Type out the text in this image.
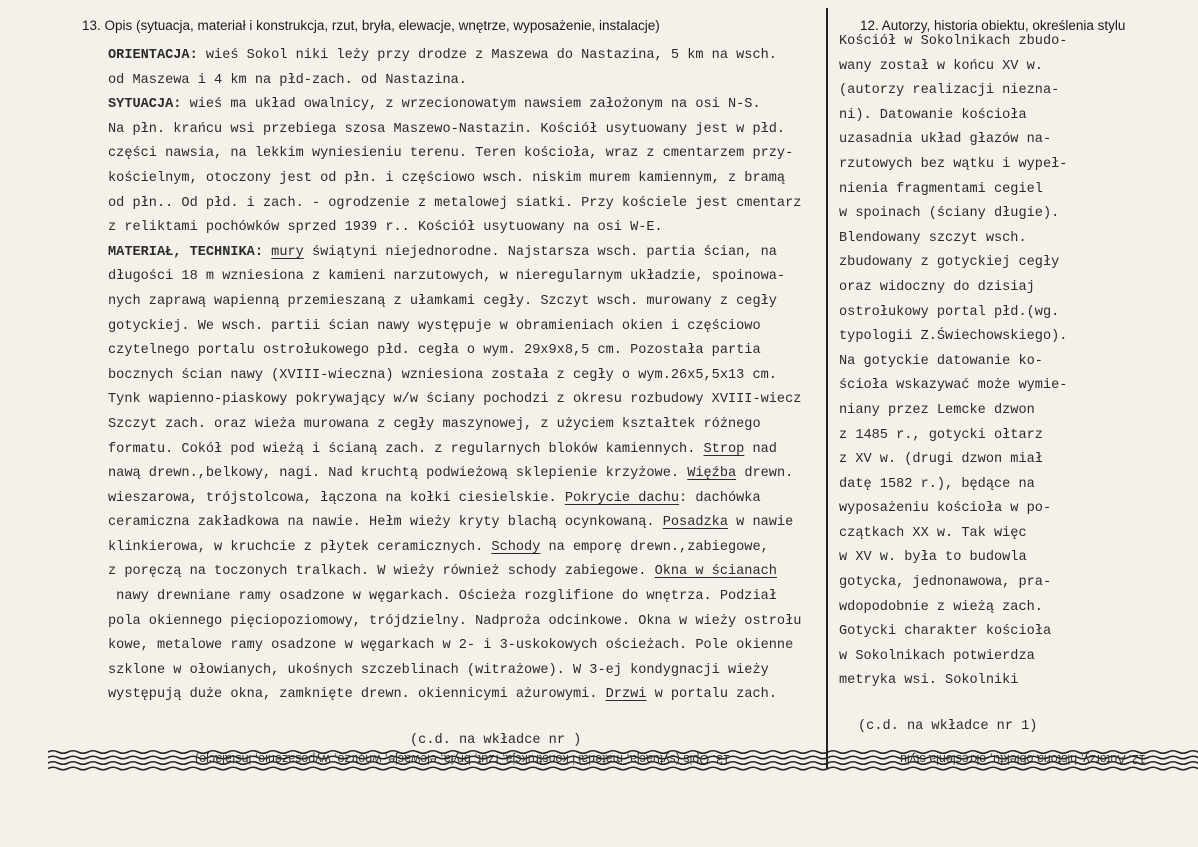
13. Opis (sytuacja, materiał i konstrukcja, rzut, bryła, elewacje, wnętrze, wyposażenie, instalacje)	12. Autorzy, historia obiektu, określenia stylu
ORIENTACJA: wieś Sokol niki leży przy drodze z Maszewa do Nastazina, 5 km na wsch.
od Maszewa i 4 km na płd-zach. od Nastazina.
SYTUACJA: wieś ma układ owalnicy, z wrzecionowatym nawsiem założonym na osi N-S.
Na płn. krańcu wsi przebiega szosa Maszewo-Nastazin. Kościół usytuowany jest w płd.
części nawsia, na lekkim wyniesieniu terenu. Teren kościoła, wraz z cmentarzem przy-
kościelnym, otoczony jest od płn. i częściowo wsch. niskim murem kamiennym, z bramą
od płn.. Od płd. i zach. - ogrodzenie z metalowej siatki. Przy kościele jest cmentarz
z reliktami pochówków sprzed 1939 r.. Kościół usytuowany na osi W-E.
MATERIAŁ, TECHNIKA: mury świątyni niejednorodne. Najstarsza wsch. partia ścian, na
długości 18 m wzniesiona z kamieni narzutowych, w nieregularnym układzie, spoinowa-
nych zaprawą wapienną przemieszaną z ułamkami cegły. Szczyt wsch. murowany z cegły
gotyckiej. We wsch. partii ścian nawy występuje w obramieniach okien i częściowo
czytelnego portalu ostrołukowego płd. cegła o wym. 29x9x8,5 cm. Pozostała partia
bocznych ścian nawy (XVIII-wieczna) wzniesiona została z cegły o wym.26x5,5x13 cm.
Tynk wapienno-piaskowy pokrywający w/w ściany pochodzi z okresu rozbudowy XVIII-wiecz
Szczyt zach. oraz wieża murowana z cegły maszynowej, z użyciem kształtek różnego
formatu. Cokół pod wieżą i ścianą zach. z regularnych bloków kamiennych. Strop nad
nawą drewn.,belkowy, nagi. Nad kruchtą podwieżową sklepienie krzyżowe. Więźba drewn.
wieszarowa, trójstolcowa, łączona na kołki ciesielskie. Pokrycie dachu: dachówka
ceramiczna zakładkowa na nawie. Hełm wieży kryty blachą ocynkowaną. Posadzka w nawie
klinkierowa, w kruchcie z płytek ceramicznych. Schody na emporę drewn.,zabiegowe,
z poręczą na toczonych tralkach. W wieży również schody zabiegowe. Okna w ścianach
nawy drewniane ramy osadzone w węgarkach. Ościeża rozglifione do wnętrza. Podział
pola okiennego pięciopoziomowy, trójdzielny. Nadproża odcinkowe. Okna w wieży ostrołu
kowe, metalowe ramy osadzone w węgarkach w 2- i 3-uskokowych ościeżach. Pole okienne
szklone w ołowianych, ukośnych szczeblinach (witrażowe). W 3-ej kondygnacji wieży
występują duże okna, zamknięte drewn. okiennicymi ażurowymi. Drzwi w portalu zach.
Kościół w Sokolnikach zbudo-
wany został w końcu XV w.
(autorzy realizacji niezna-
ni). Datowanie kościoła
uzasadnia układ głazów na-
rzutowych bez wątku i wypeł-
nienia fragmentami cegiel
w spoinach (ściany długie).
Blendowany szczyt wsch.
zbudowany z gotyckiej cegły
oraz widoczny do dzisiaj
ostrołukowy portal płd.(wg.
typologii Z.Świechowskiego).
Na gotyckie datowanie ko-
ścioła wskazywać może wymie-
niany przez Lemcke dzwon
z 1485 r., gotycki ołtarz
z XV w. (drugi dzwon miał
datę 1582 r.), będące na
wyposażeniu kościoła w po-
czątkach XX w. Tak więc
w XV w. była to budowla
gotycka, jednonawowa, pra-
wdopodobnie z wieżą zach.
Gotycki charakter kościoła
w Sokolnikach potwierdza
metryka wsi. Sokolniki
(c.d. na wkładce nr )
(c.d. na wkładce nr 1)
13. Opis (sytuacja, materiał i konstrukcja, rzut, bryła, elewacje, wnętrze, wyposażenie, instalacje)	12. Autorzy, historia obiektu, określenia stylu
